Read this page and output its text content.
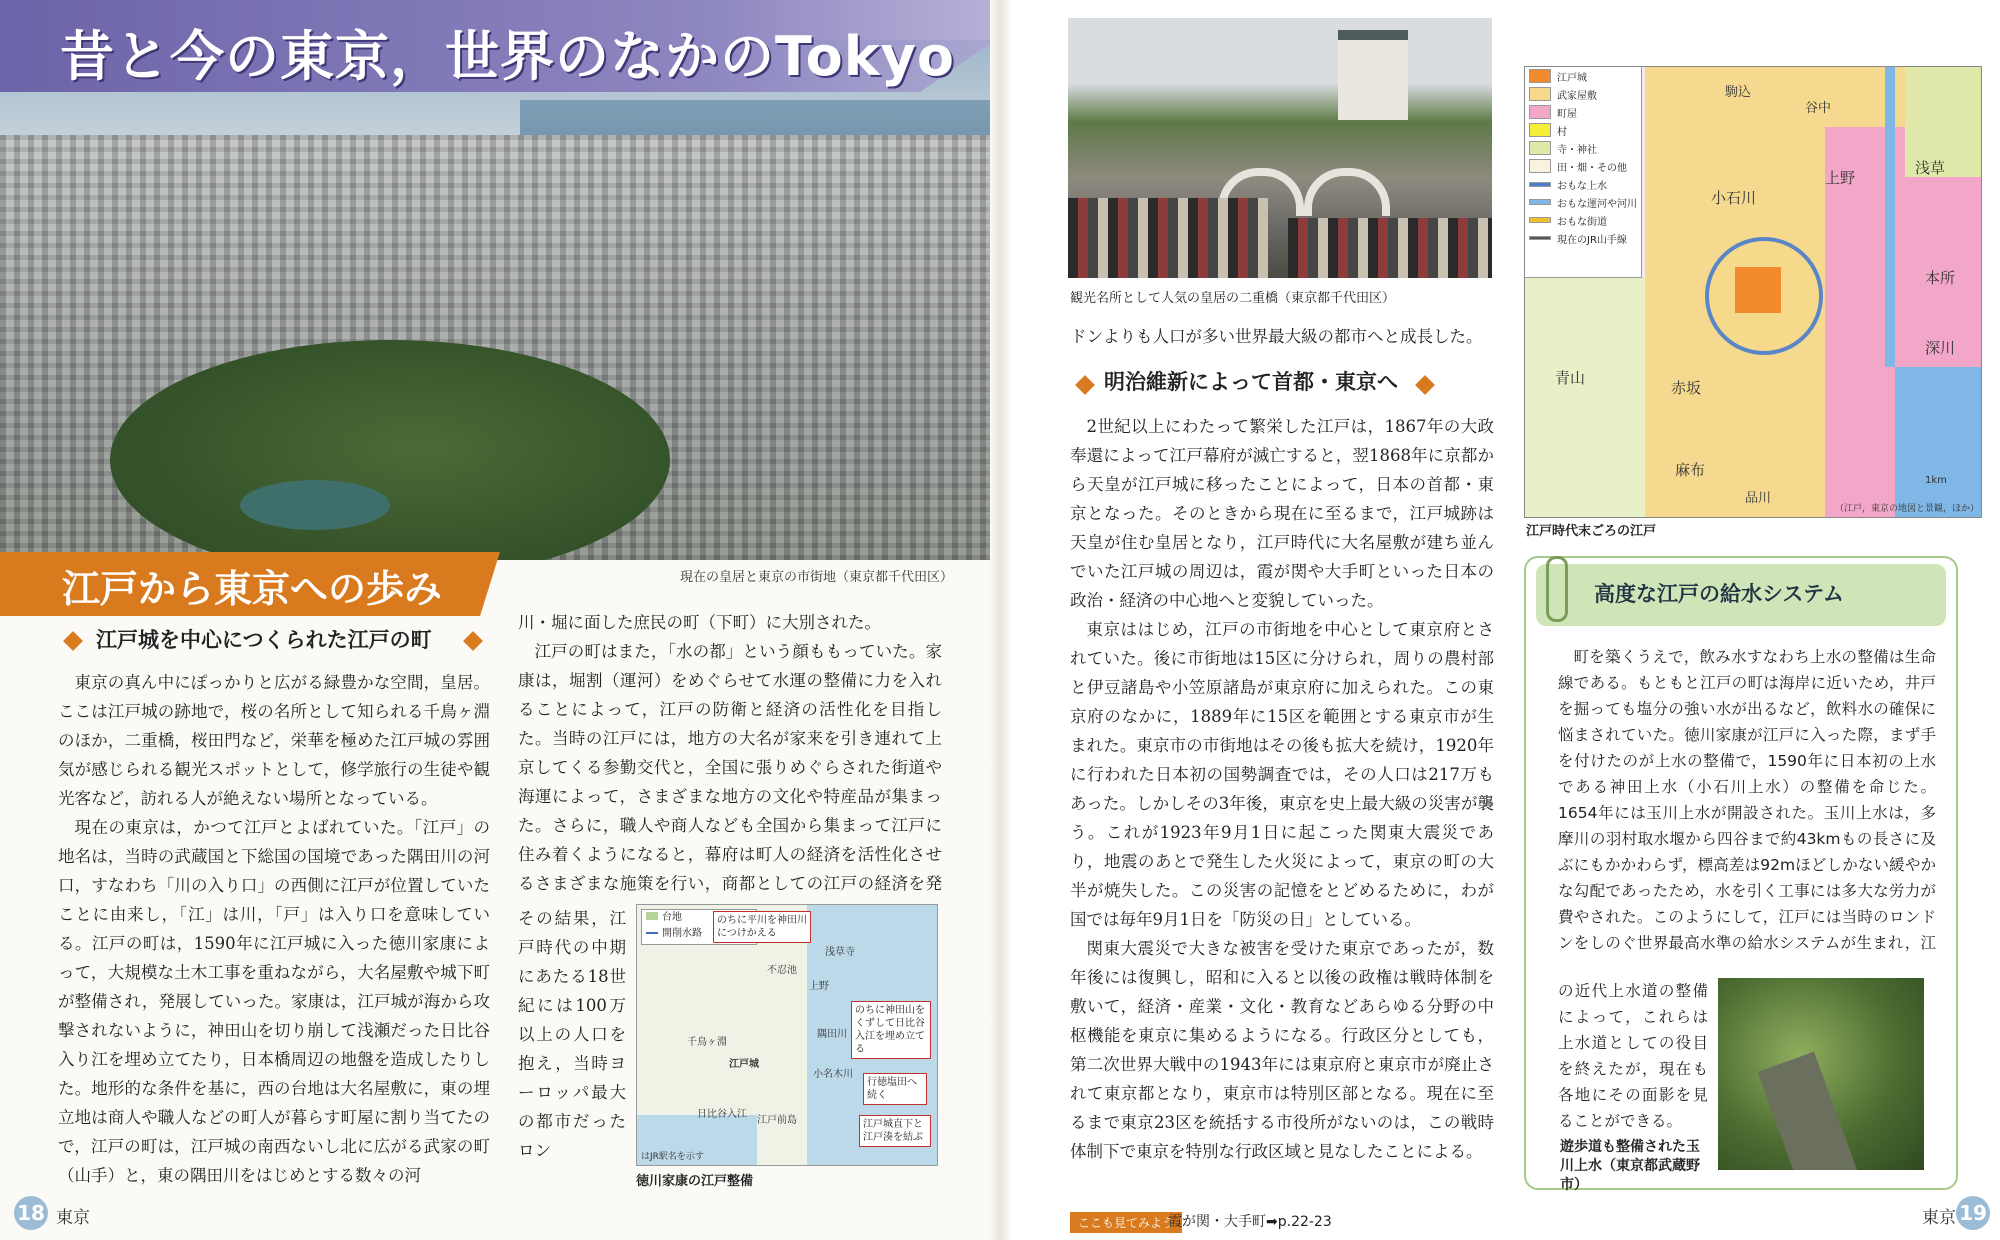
昔と今の東京，世界のなかのTokyo
江戸から東京への歩み	現在の皇居と東京の市街地（東京都千代田区）
江戸城を中心につくられた江戸の町

東京の真ん中にぽっかりと広がる緑豊かな空間，皇居。ここは江戸城の跡地で，桜の名所として知られる千鳥ヶ淵のほか，二重橋，桜田門など，栄華を極めた江戸城の雰囲気が感じられる観光スポットとして，修学旅行の生徒や観光客など，訪れる人が絶えない場所となっている。

現在の東京は，かつて江戸とよばれていた。「江戸」の地名は，当時の武蔵国と下総国の国境であった隅田川の河口，すなわち「川の入り口」の西側に江戸が位置していたことに由来し，「江」は川，「戸」は入り口を意味している。江戸の町は，1590年に江戸城に入った徳川家康によって，大規模な土木工事を重ねながら，大名屋敷や城下町が整備され，発展していった。家康は，江戸城が海から攻撃されないように，神田山を切り崩して浅瀬だった日比谷入り江を埋め立てたり，日本橋周辺の地盤を造成したりした。地形的な条件を基に，西の台地は大名屋敷に，東の埋立地は商人や職人などの町人が暮らす町屋に割り当てたので，江戸の町は，江戸城の南西ないし北に広がる武家の町（山手）と，東の隅田川をはじめとする数々の河

川・堀に面した庶民の町（下町）に大別された。

江戸の町はまた，「水の都」という顔ももっていた。家康は，堀割（運河）をめぐらせて水運の整備に力を入れることによって，江戸の防衛と経済の活性化を目指した。当時の江戸には，地方の大名が家来を引き連れて上京してくる参勤交代と，全国に張りめぐらされた街道や海運によって，さまざまな地方の文化や特産品が集まった。さらに，職人や商人なども全国から集まって江戸に住み着くようになると，幕府は町人の経済を活性化させるさまざまな施策を行い，商都としての江戸の経済を発

その結果，江戸時代の中期にあたる18世紀には100万以上の人口を抱え，当時ヨーロッパ最大の都市だったロン

台地
開削水路
のちに平川を神田川につけかえる
のちに神田山をくずして日比谷入江を埋め立てる
行徳塩田へ続く
江戸城直下と江戸湊を結ぶ
不忍池
浅草寺
上野
江戸城
日比谷入江
江戸前島
千鳥ヶ淵
隅田川
小名木川
はJR駅名を示す
徳川家康の江戸整備
18 東京
観光名所として人気の皇居の二重橋（東京都千代田区）

ドンよりも人口が多い世界最大級の都市へと成長した。

明治維新によって首都・東京へ

2世紀以上にわたって繁栄した江戸は，1867年の大政奉還によって江戸幕府が滅亡すると，翌1868年に京都から天皇が江戸城に移ったことによって，日本の首都・東京となった。そのときから現在に至るまで，江戸城跡は天皇が住む皇居となり，江戸時代に大名屋敷が建ち並んでいた江戸城の周辺は，霞が関や大手町といった日本の政治・経済の中心地へと変貌していった。

東京ははじめ，江戸の市街地を中心として東京府とされていた。後に市街地は15区に分けられ，周りの農村部と伊豆諸島や小笠原諸島が東京府に加えられた。この東京府のなかに，1889年に15区を範囲とする東京市が生まれた。東京市の市街地はその後も拡大を続け，1920年に行われた日本初の国勢調査では，その人口は217万もあった。しかしその3年後，東京を史上最大級の災害が襲う。これが1923年9月1日に起こった関東大震災であり，地震のあとで発生した火災によって，東京の町の大半が焼失した。この災害の記憶をとどめるために，わが国では毎年9月1日を「防災の日」としている。

関東大震災で大きな被害を受けた東京であったが，数年後には復興し，昭和に入ると以後の政権は戦時体制を敷いて，経済・産業・文化・教育などあらゆる分野の中枢機能を東京に集めるようになる。行政区分としても，第二次世界大戦中の1943年には東京府と東京市が廃止されて東京都となり，東京市は特別区部となる。現在に至るまで東京23区を統括する市役所がないのは，この戦時体制下で東京を特別な行政区域と見なしたことによる。

江戸城
武家屋敷
町屋
村
寺・神社
田・畑・その他
おもな上水
おもな運河や河川
おもな街道
現在のJR山手線
駒込
小石川
谷中
上野
浅草
本所
深川
赤坂
青山
麻布
品川
1km
（江戸，東京の地図と景観，ほか）
江戸時代末ごろの江戸
高度な江戸の給水システム

町を築くうえで，飲み水すなわち上水の整備は生命線である。もともと江戸の町は海岸に近いため，井戸を掘っても塩分の強い水が出るなど，飲料水の確保に悩まされていた。徳川家康が江戸に入った際，まず手を付けたのが上水の整備で，1590年に日本初の上水である神田上水（小石川上水）の整備を命じた。1654年には玉川上水が開設された。玉川上水は，多摩川の羽村取水堰から四谷まで約43kmもの長さに及ぶにもかかわらず，標高差は92mほどしかない緩やかな勾配であったため，水を引く工事には多大な労力が費やされた。このようにして，江戸には当時のロンドンをしのぐ世界最高水準の給水システムが生まれ，江

の近代上水道の整備によって，これらは上水道としての役目を終えたが，現在も各地にその面影を見ることができる。

遊歩道も整備された玉川上水（東京都武蔵野市）
ここも見てみよう
霞が関・大手町➡p.22-23	東京 19
